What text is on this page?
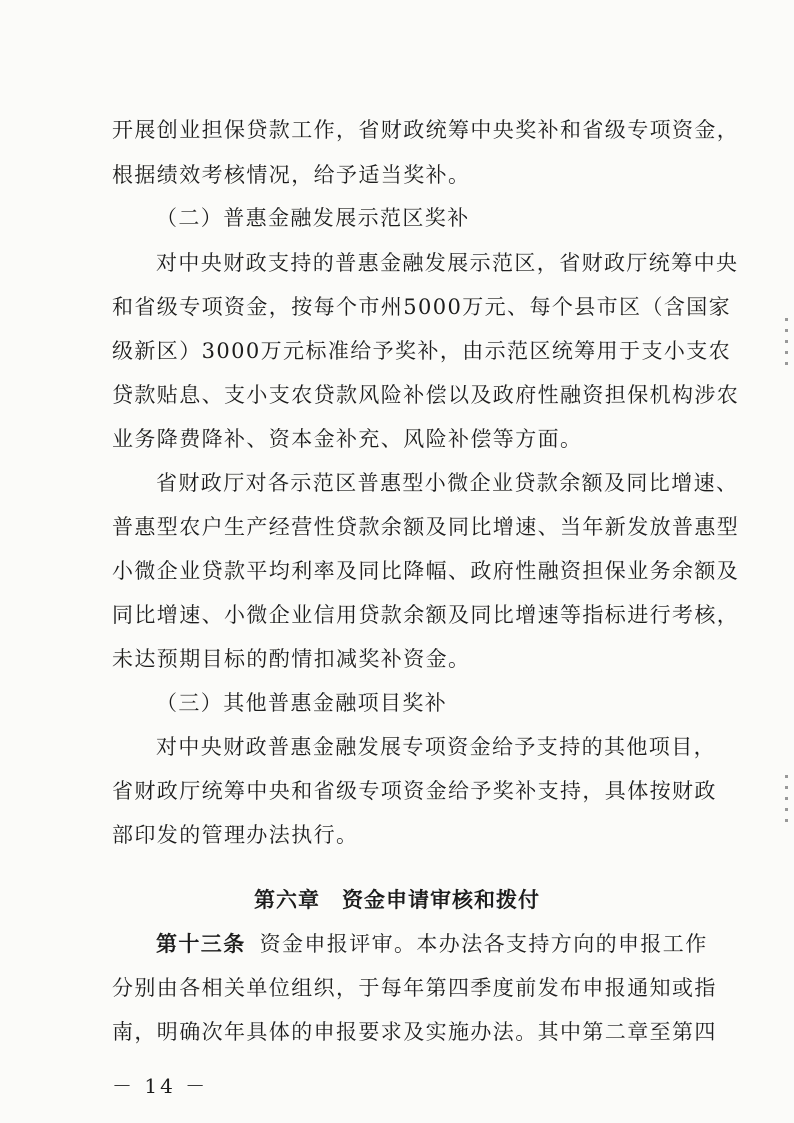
开展创业担保贷款工作，省财政统筹中央奖补和省级专项资金，
根据绩效考核情况，给予适当奖补。
（二）普惠金融发展示范区奖补
对中央财政支持的普惠金融发展示范区，省财政厅统筹中央
和省级专项资金，按每个市州5000万元、每个县市区（含国家
级新区）3000万元标准给予奖补，由示范区统筹用于支小支农
贷款贴息、支小支农贷款风险补偿以及政府性融资担保机构涉农
业务降费降补、资本金补充、风险补偿等方面。
省财政厅对各示范区普惠型小微企业贷款余额及同比增速、
普惠型农户生产经营性贷款余额及同比增速、当年新发放普惠型
小微企业贷款平均利率及同比降幅、政府性融资担保业务余额及
同比增速、小微企业信用贷款余额及同比增速等指标进行考核，
未达预期目标的酌情扣减奖补资金。
（三）其他普惠金融项目奖补
对中央财政普惠金融发展专项资金给予支持的其他项目，
省财政厅统筹中央和省级专项资金给予奖补支持，具体按财政
部印发的管理办法执行。
第六章　资金申请审核和拨付
第十三条 资金申报评审。本办法各支持方向的申报工作
分别由各相关单位组织，于每年第四季度前发布申报通知或指
南，明确次年具体的申报要求及实施办法。其中第二章至第四
－ 14 －
